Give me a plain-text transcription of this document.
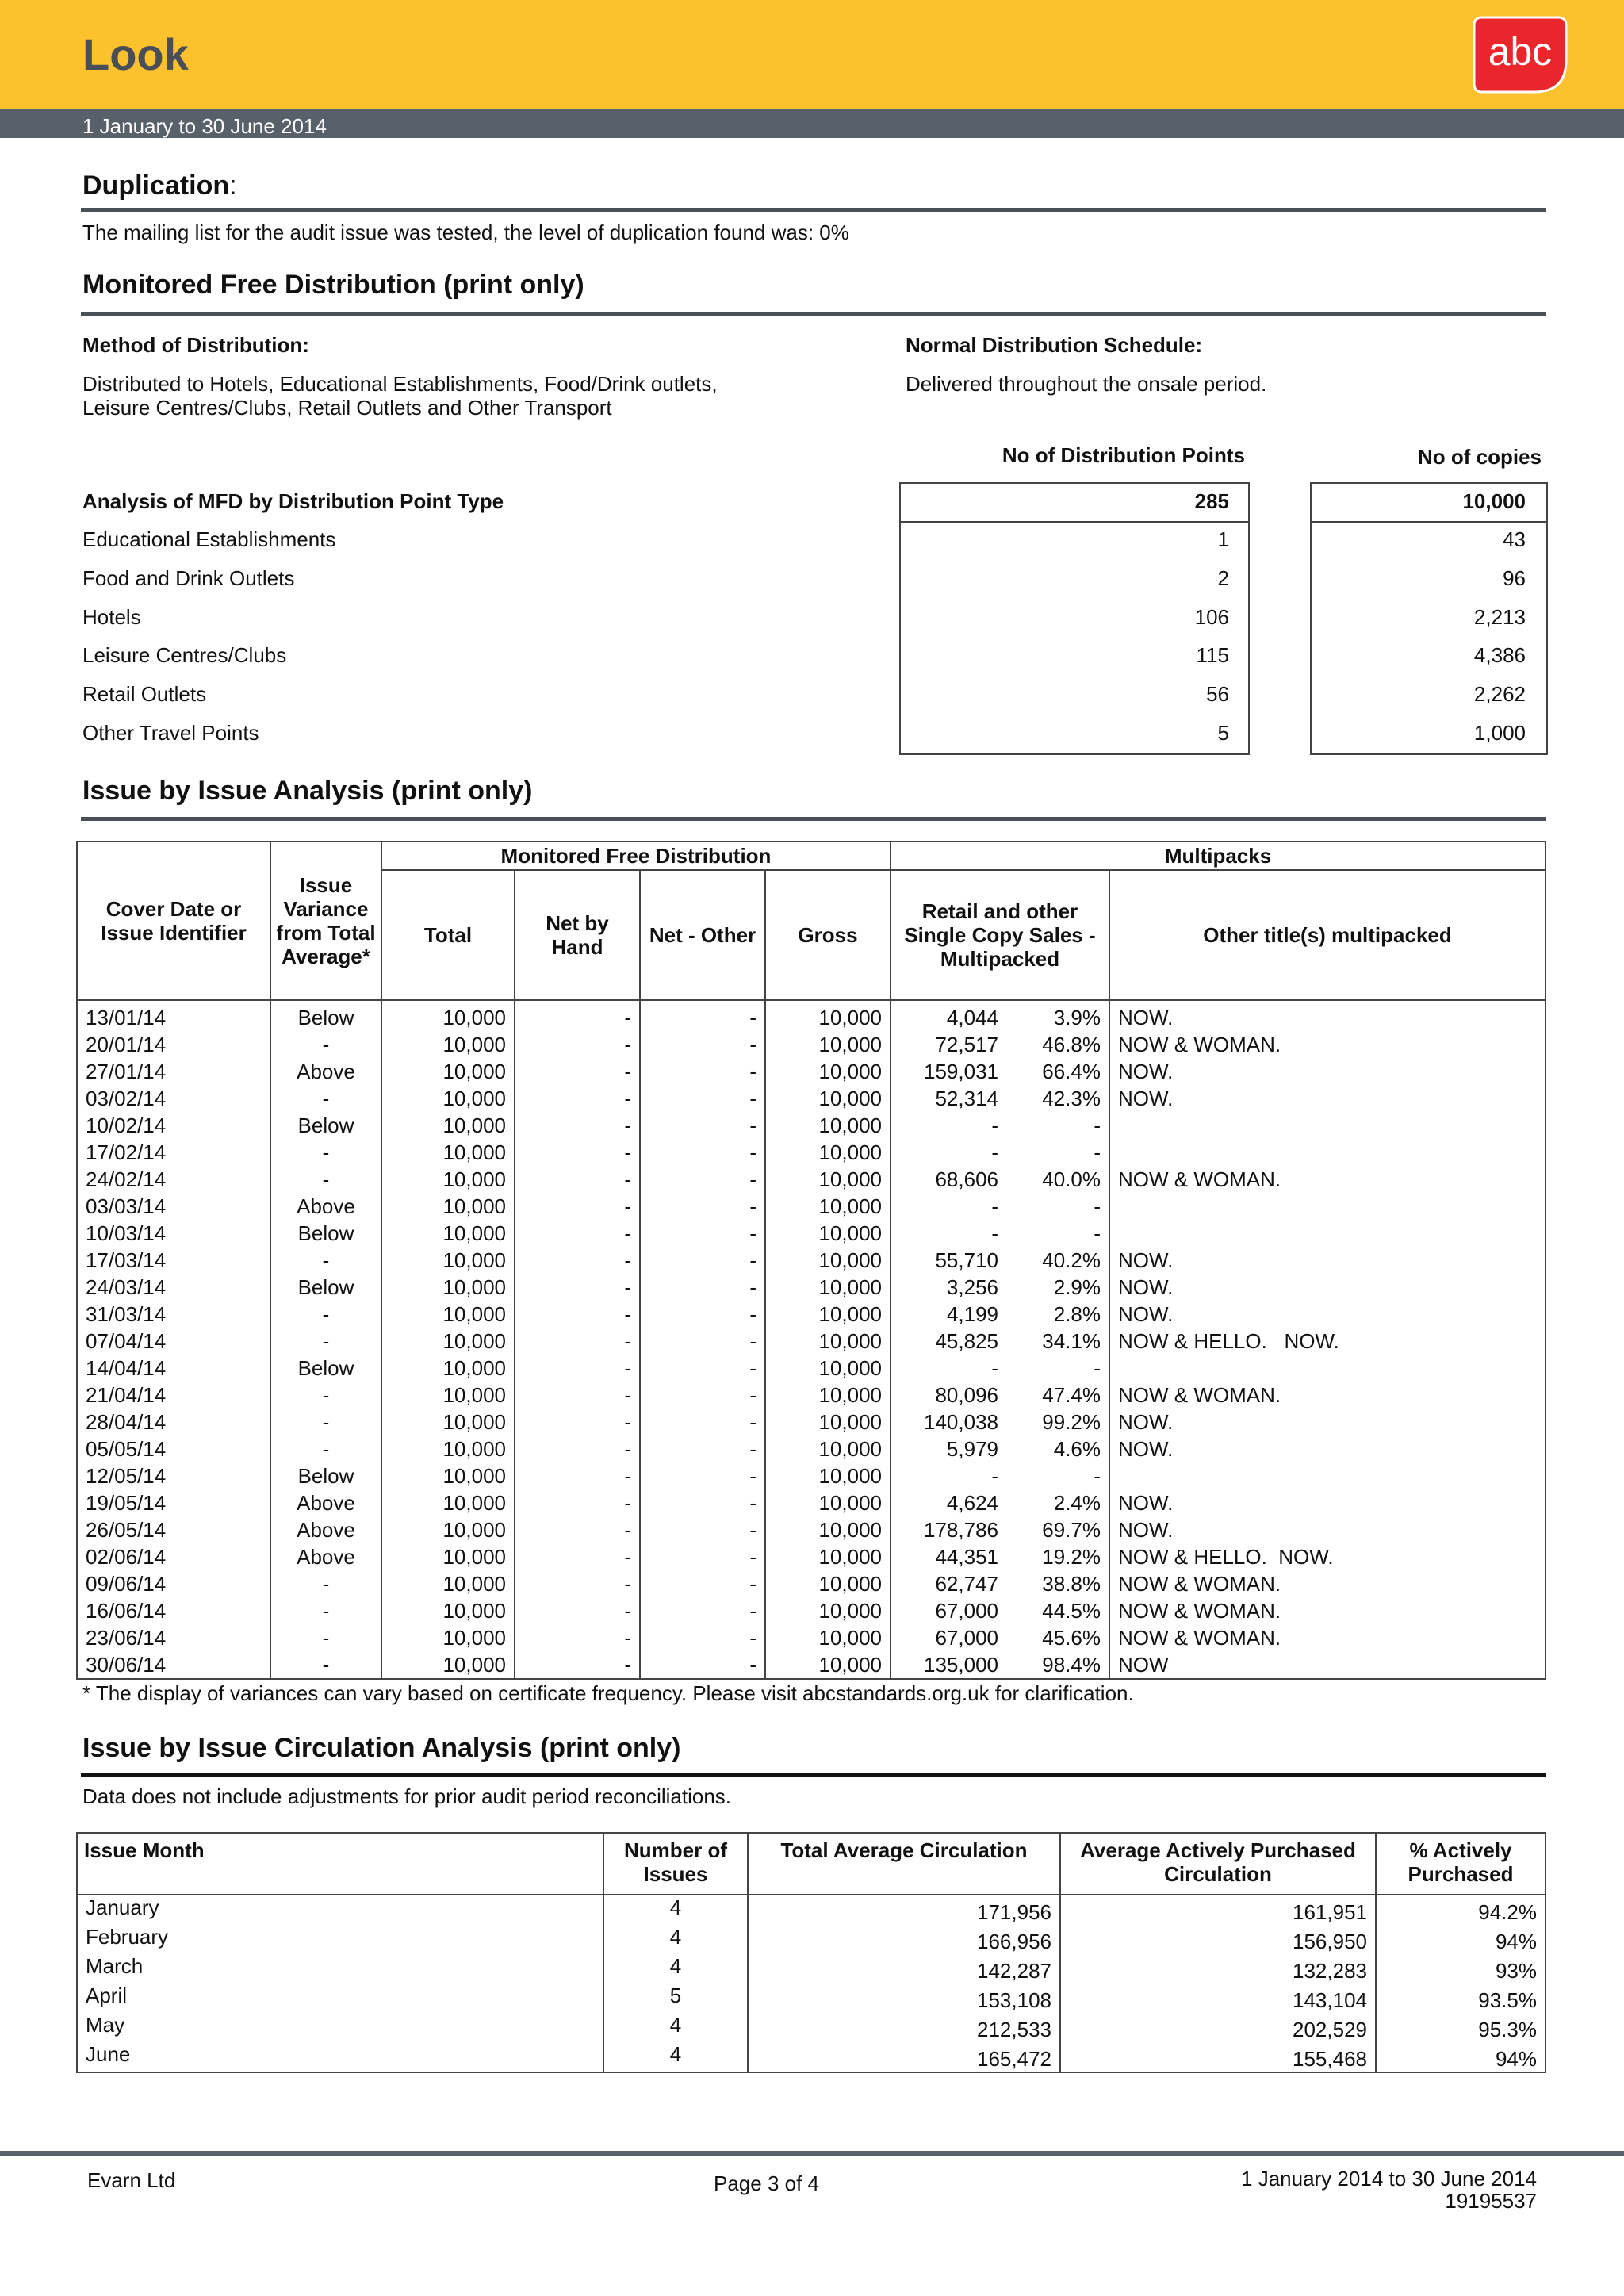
Look	abc
1 January to 30 June 2014
Duplication:
The mailing list for the audit issue was tested, the level of duplication found was: 0%
Monitored Free Distribution (print only)
Method of Distribution:
Distributed to Hotels, Educational Establishments, Food/Drink outlets,
Leisure Centres/Clubs, Retail Outlets and Other Transport
Normal Distribution Schedule:
Delivered throughout the onsale period.
No of Distribution Points	No of copies
Analysis of MFD by Distribution Point Type	285	10,000
Educational Establishments	1	43
Food and Drink Outlets	2	96
Hotels	106	2,213
Leisure Centres/Clubs	115	4,386
Retail Outlets	56	2,262
Other Travel Points	5	1,000
Issue by Issue Analysis (print only)
Cover Date or Issue Identifier	Issue Variance from Total Average*	Monitored Free Distribution				Multipacks		
		Total	Net by Hand	Net - Other	Gross	Retail and other Single Copy Sales - Multipacked		Other title(s) multipacked
13/01/14	Below	10,000	-	-	10,000	4,044	3.9%	NOW.
20/01/14	-	10,000	-	-	10,000	72,517	46.8%	NOW & WOMAN.
27/01/14	Above	10,000	-	-	10,000	159,031	66.4%	NOW.
03/02/14	-	10,000	-	-	10,000	52,314	42.3%	NOW.
10/02/14	Below	10,000	-	-	10,000	-	-	
17/02/14	-	10,000	-	-	10,000	-	-	
24/02/14	-	10,000	-	-	10,000	68,606	40.0%	NOW & WOMAN.
03/03/14	Above	10,000	-	-	10,000	-	-	
10/03/14	Below	10,000	-	-	10,000	-	-	
17/03/14	-	10,000	-	-	10,000	55,710	40.2%	NOW.
24/03/14	Below	10,000	-	-	10,000	3,256	2.9%	NOW.
31/03/14	-	10,000	-	-	10,000	4,199	2.8%	NOW.
07/04/14	-	10,000	-	-	10,000	45,825	34.1%	NOW & HELLO.   NOW.
14/04/14	Below	10,000	-	-	10,000	-	-	
21/04/14	-	10,000	-	-	10,000	80,096	47.4%	NOW & WOMAN.
28/04/14	-	10,000	-	-	10,000	140,038	99.2%	NOW.
05/05/14	-	10,000	-	-	10,000	5,979	4.6%	NOW.
12/05/14	Below	10,000	-	-	10,000	-	-	
19/05/14	Above	10,000	-	-	10,000	4,624	2.4%	NOW.
26/05/14	Above	10,000	-	-	10,000	178,786	69.7%	NOW.
02/06/14	Above	10,000	-	-	10,000	44,351	19.2%	NOW & HELLO.  NOW.
09/06/14	-	10,000	-	-	10,000	62,747	38.8%	NOW & WOMAN.
16/06/14	-	10,000	-	-	10,000	67,000	44.5%	NOW & WOMAN.
23/06/14	-	10,000	-	-	10,000	67,000	45.6%	NOW & WOMAN.
30/06/14	-	10,000	-	-	10,000	135,000	98.4%	NOW
* The display of variances can vary based on certificate frequency. Please visit abcstandards.org.uk for clarification.
Issue by Issue Circulation Analysis (print only)
Data does not include adjustments for prior audit period reconciliations.
Issue Month	Number of Issues	Total Average Circulation	Average Actively Purchased Circulation	% Actively Purchased
January	4	171,956	161,951	94.2%
February	4	166,956	156,950	94%
March	4	142,287	132,283	93%
April	5	153,108	143,104	93.5%
May	4	212,533	202,529	95.3%
June	4	165,472	155,468	94%
Evarn Ltd	Page 3 of 4	1 January 2014 to 30 June 2014
19195537
